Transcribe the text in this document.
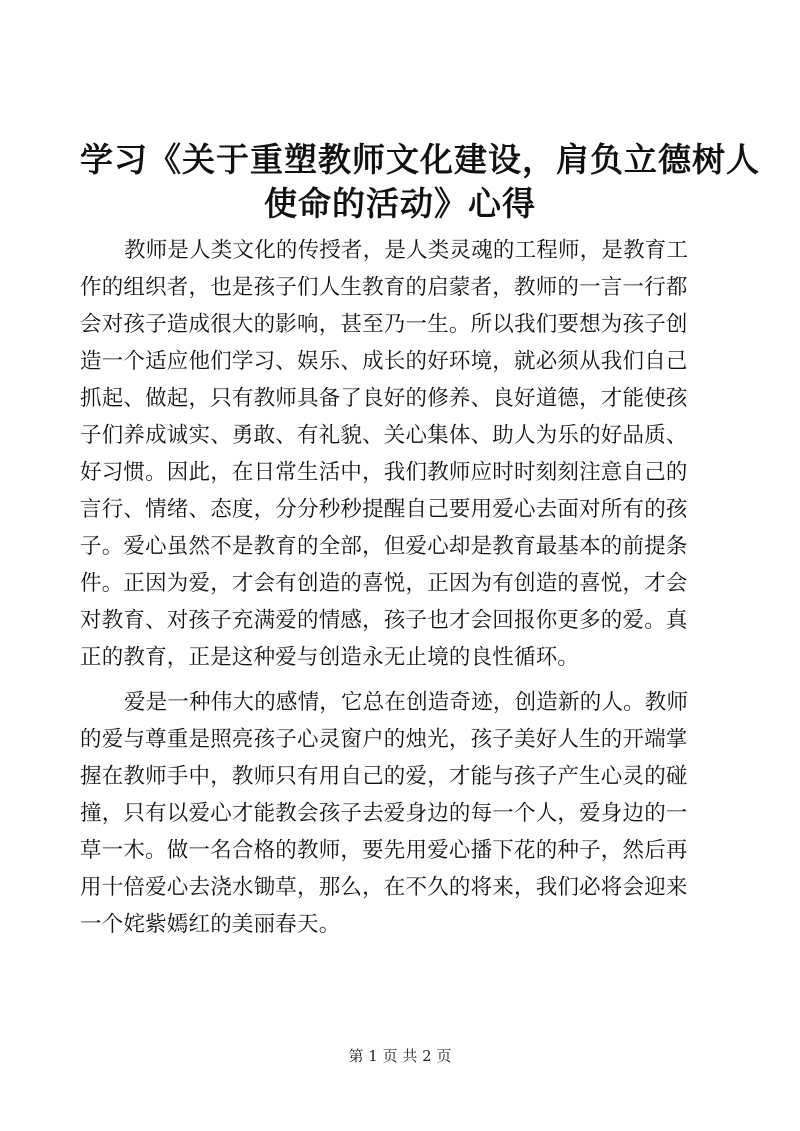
学习《关于重塑教师文化建设，肩负立德树人
使命的活动》心得
教师是人类文化的传授者，是人类灵魂的工程师，是教育工
作的组织者，也是孩子们人生教育的启蒙者，教师的一言一行都
会对孩子造成很大的影响，甚至乃一生。所以我们要想为孩子创
造一个适应他们学习、娱乐、成长的好环境，就必须从我们自己
抓起、做起，只有教师具备了良好的修养、良好道德，才能使孩
子们养成诚实、勇敢、有礼貌、关心集体、助人为乐的好品质、
好习惯。因此，在日常生活中，我们教师应时时刻刻注意自己的
言行、情绪、态度，分分秒秒提醒自己要用爱心去面对所有的孩
子。爱心虽然不是教育的全部，但爱心却是教育最基本的前提条
件。正因为爱，才会有创造的喜悦，正因为有创造的喜悦，才会
对教育、对孩子充满爱的情感，孩子也才会回报你更多的爱。真
正的教育，正是这种爱与创造永无止境的良性循环。
爱是一种伟大的感情，它总在创造奇迹，创造新的人。教师
的爱与尊重是照亮孩子心灵窗户的烛光，孩子美好人生的开端掌
握在教师手中，教师只有用自己的爱，才能与孩子产生心灵的碰
撞，只有以爱心才能教会孩子去爱身边的每一个人，爱身边的一
草一木。做一名合格的教师，要先用爱心播下花的种子，然后再
用十倍爱心去浇水锄草，那么，在不久的将来，我们必将会迎来
一个姹紫嫣红的美丽春天。
第 1 页 共 2 页
